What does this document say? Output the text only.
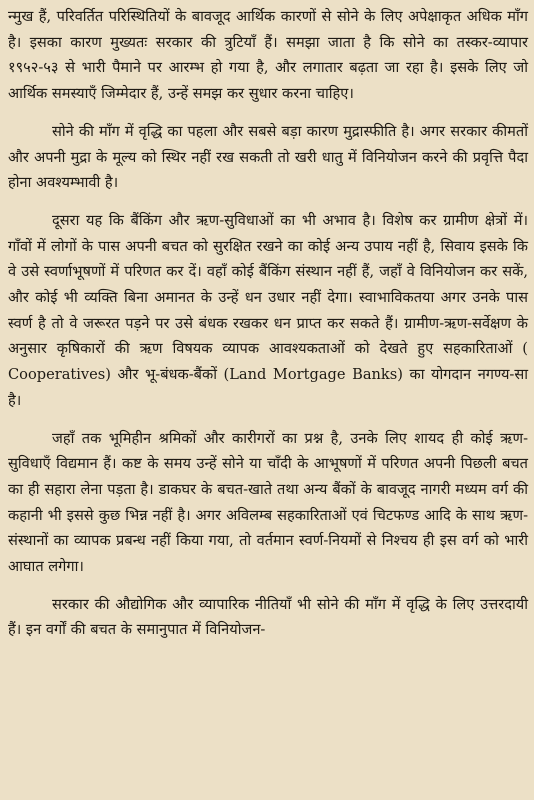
न्मुख हैं, परिवर्तित परिस्थितियों के बावजूद आर्थिक कारणों से सोने के लिए अपेक्षाकृत अधिक माँग है। इसका कारण मुख्यतः सरकार की त्रुटियाँ हैं। समझा जाता है कि सोने का तस्कर-व्यापार १९५२-५३ से भारी पैमाने पर आरम्भ हो गया है, और लगातार बढ़ता जा रहा है। इसके लिए जो आर्थिक समस्याएँ जिम्मेदार हैं, उन्हें समझ कर सुधार करना चाहिए।

सोने की माँग में वृद्धि का पहला और सबसे बड़ा कारण मुद्रास्फीति है। अगर सरकार कीमतों और अपनी मुद्रा के मूल्य को स्थिर नहीं रख सकती तो खरी धातु में विनियोजन करने की प्रवृत्ति पैदा होना अवश्यम्भावी है।

दूसरा यह कि बैंकिंग और ऋण-सुविधाओं का भी अभाव है। विशेष कर ग्रामीण क्षेत्रों में। गाँवों में लोगों के पास अपनी बचत को सुरक्षित रखने का कोई अन्य उपाय नहीं है, सिवाय इसके कि वे उसे स्वर्णाभूषणों में परिणत कर दें। वहाँ कोई बैंकिंग संस्थान नहीं हैं, जहाँ वे विनियोजन कर सकें, और कोई भी व्यक्ति बिना अमानत के उन्हें धन उधार नहीं देगा। स्वाभाविकतया अगर उनके पास स्वर्ण है तो वे जरूरत पड़ने पर उसे बंधक रखकर धन प्राप्त कर सकते हैं। ग्रामीण-ऋण-सर्वेक्षण के अनुसार कृषिकारों की ऋण विषयक व्यापक आवश्यकताओं को देखते हुए सहकारिताओं ( Cooperatives) और भू-बंधक-बैंकों (Land Mortgage Banks) का योगदान नगण्य-सा है।

जहाँ तक भूमिहीन श्रमिकों और कारीगरों का प्रश्न है, उनके लिए शायद ही कोई ऋण-सुविधाएँ विद्यमान हैं। कष्ट के समय उन्हें सोने या चाँदी के आभूषणों में परिणत अपनी पिछली बचत का ही सहारा लेना पड़ता है। डाकघर के बचत-खाते तथा अन्य बैंकों के बावजूद नागरी मध्यम वर्ग की कहानी भी इससे कुछ भिन्न नहीं है। अगर अविलम्ब सहकारिताओं एवं चिटफण्ड आदि के साथ ऋण-संस्थानों का व्यापक प्रबन्ध नहीं किया गया, तो वर्तमान स्वर्ण-नियमों से निश्चय ही इस वर्ग को भारी आघात लगेगा।

सरकार की औद्योगिक और व्यापारिक नीतियाँ भी सोने की माँग में वृद्धि के लिए उत्तरदायी हैं। इन वर्गों की बचत के समानुपात में विनियोजन-
